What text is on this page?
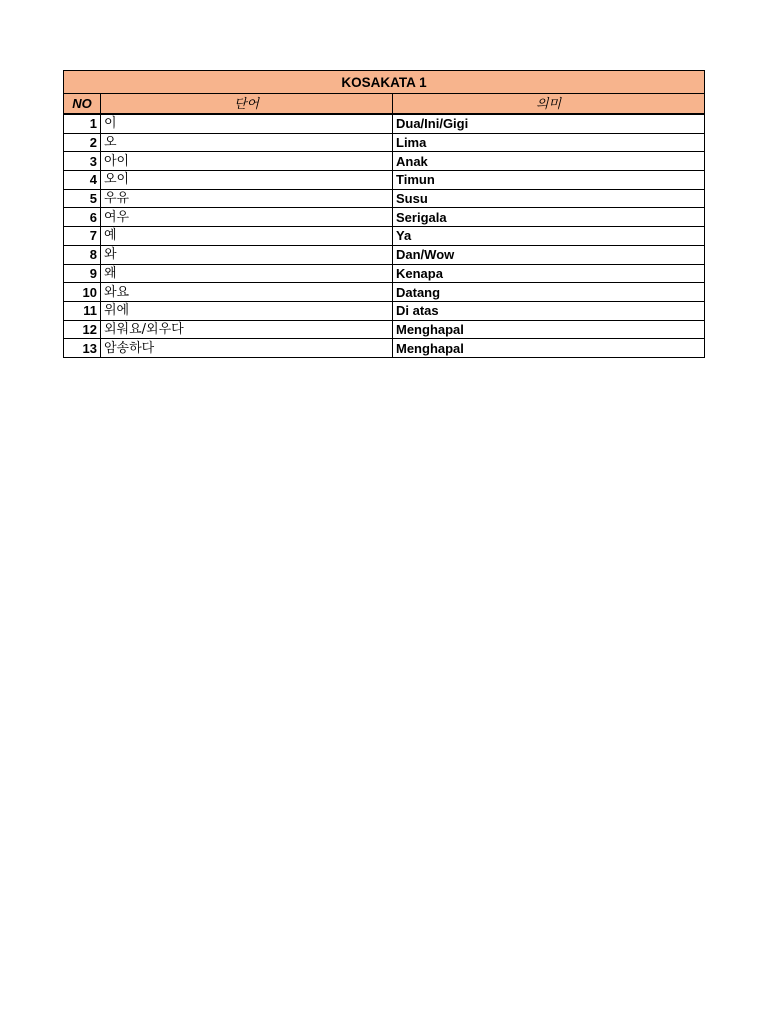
KOSAKATA 1		
NO	단어	의미
1	이	Dua/Ini/Gigi
2	오	Lima
3	아이	Anak
4	오이	Timun
5	우유	Susu
6	여우	Serigala
7	예	Ya
8	와	Dan/Wow
9	왜	Kenapa
10	와요	Datang
11	위에	Di atas
12	외워요/외우다	Menghapal
13	암송하다	Menghapal
